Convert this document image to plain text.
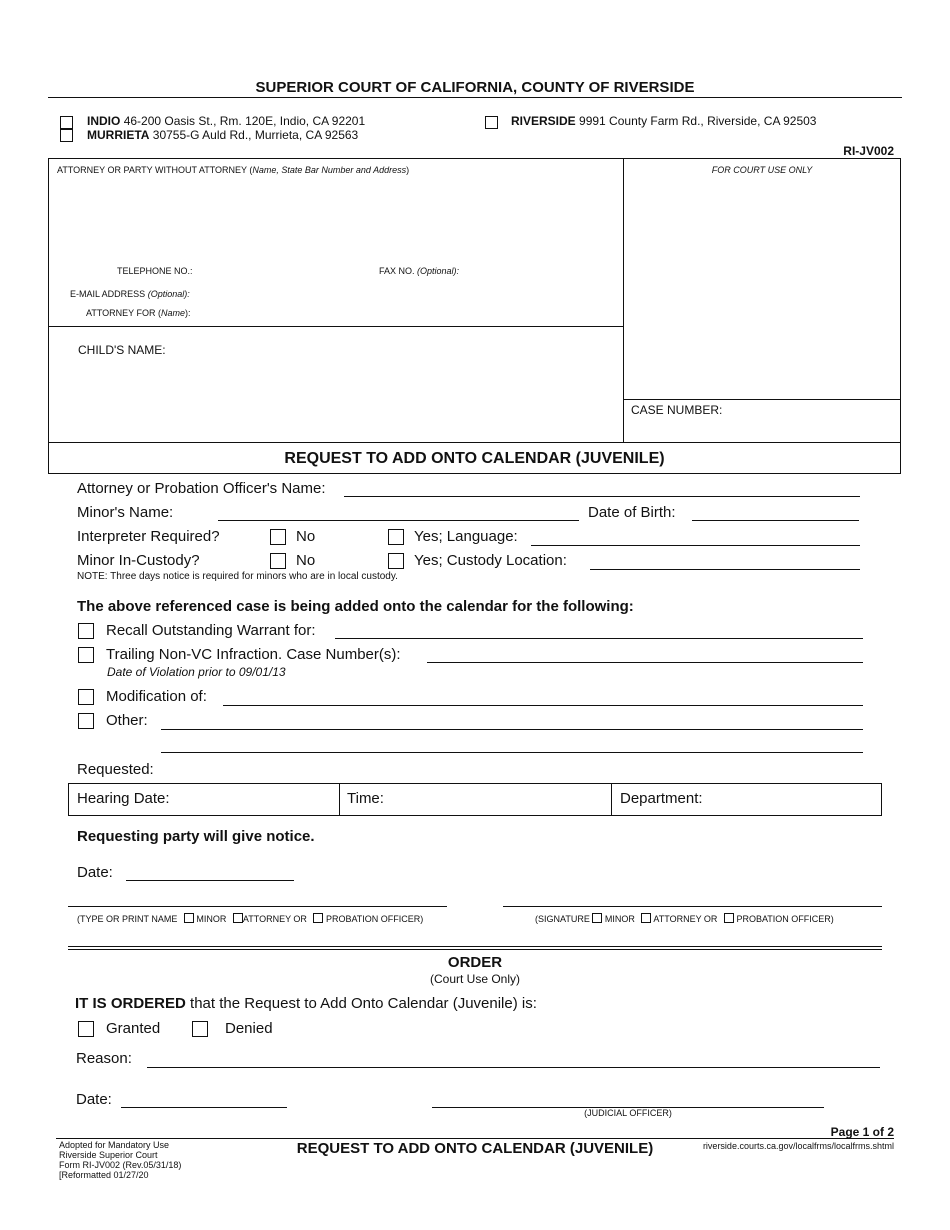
SUPERIOR COURT OF CALIFORNIA, COUNTY OF RIVERSIDE
INDIO 46-200 Oasis St., Rm. 120E, Indio, CA 92201
MURRIETA 30755-G Auld Rd., Murrieta, CA 92563
RIVERSIDE 9991 County Farm Rd., Riverside, CA 92503
RI-JV002
ATTORNEY OR PARTY WITHOUT ATTORNEY (Name, State Bar Number and Address)	FOR COURT USE ONLY
TELEPHONE NO.:	FAX NO. (Optional):
E-MAIL ADDRESS (Optional):
ATTORNEY FOR (Name):
CHILD'S NAME:
CASE NUMBER:
REQUEST TO ADD ONTO CALENDAR (JUVENILE)
Attorney or Probation Officer's Name:
Minor's Name:	Date of Birth:
Interpreter Required?	No	Yes; Language:
Minor In-Custody?	No	Yes; Custody Location:
NOTE: Three days notice is required for minors who are in local custody.
The above referenced case is being added onto the calendar for the following:
Recall Outstanding Warrant for:
Trailing Non-VC Infraction. Case Number(s):
Date of Violation prior to 09/01/13
Modification of:
Other:
Requested:
Hearing Date:	Time:	Department:
Requesting party will give notice.
Date:
(TYPE OR PRINT NAME MINOR ATTORNEY OR PROBATION OFFICER)	(SIGNATURE MINOR ATTORNEY OR PROBATION OFFICER)
ORDER
(Court Use Only)
IT IS ORDERED that the Request to Add Onto Calendar (Juvenile) is:
Granted	Denied
Reason:
Date:
(JUDICIAL OFFICER)
Page 1 of 2
Adopted for Mandatory Use
Riverside Superior Court
Form RI-JV002 (Rev.05/31/18)
[Reformatted 01/27/20
REQUEST TO ADD ONTO CALENDAR (JUVENILE)	riverside.courts.ca.gov/localfrms/localfrms.shtml
